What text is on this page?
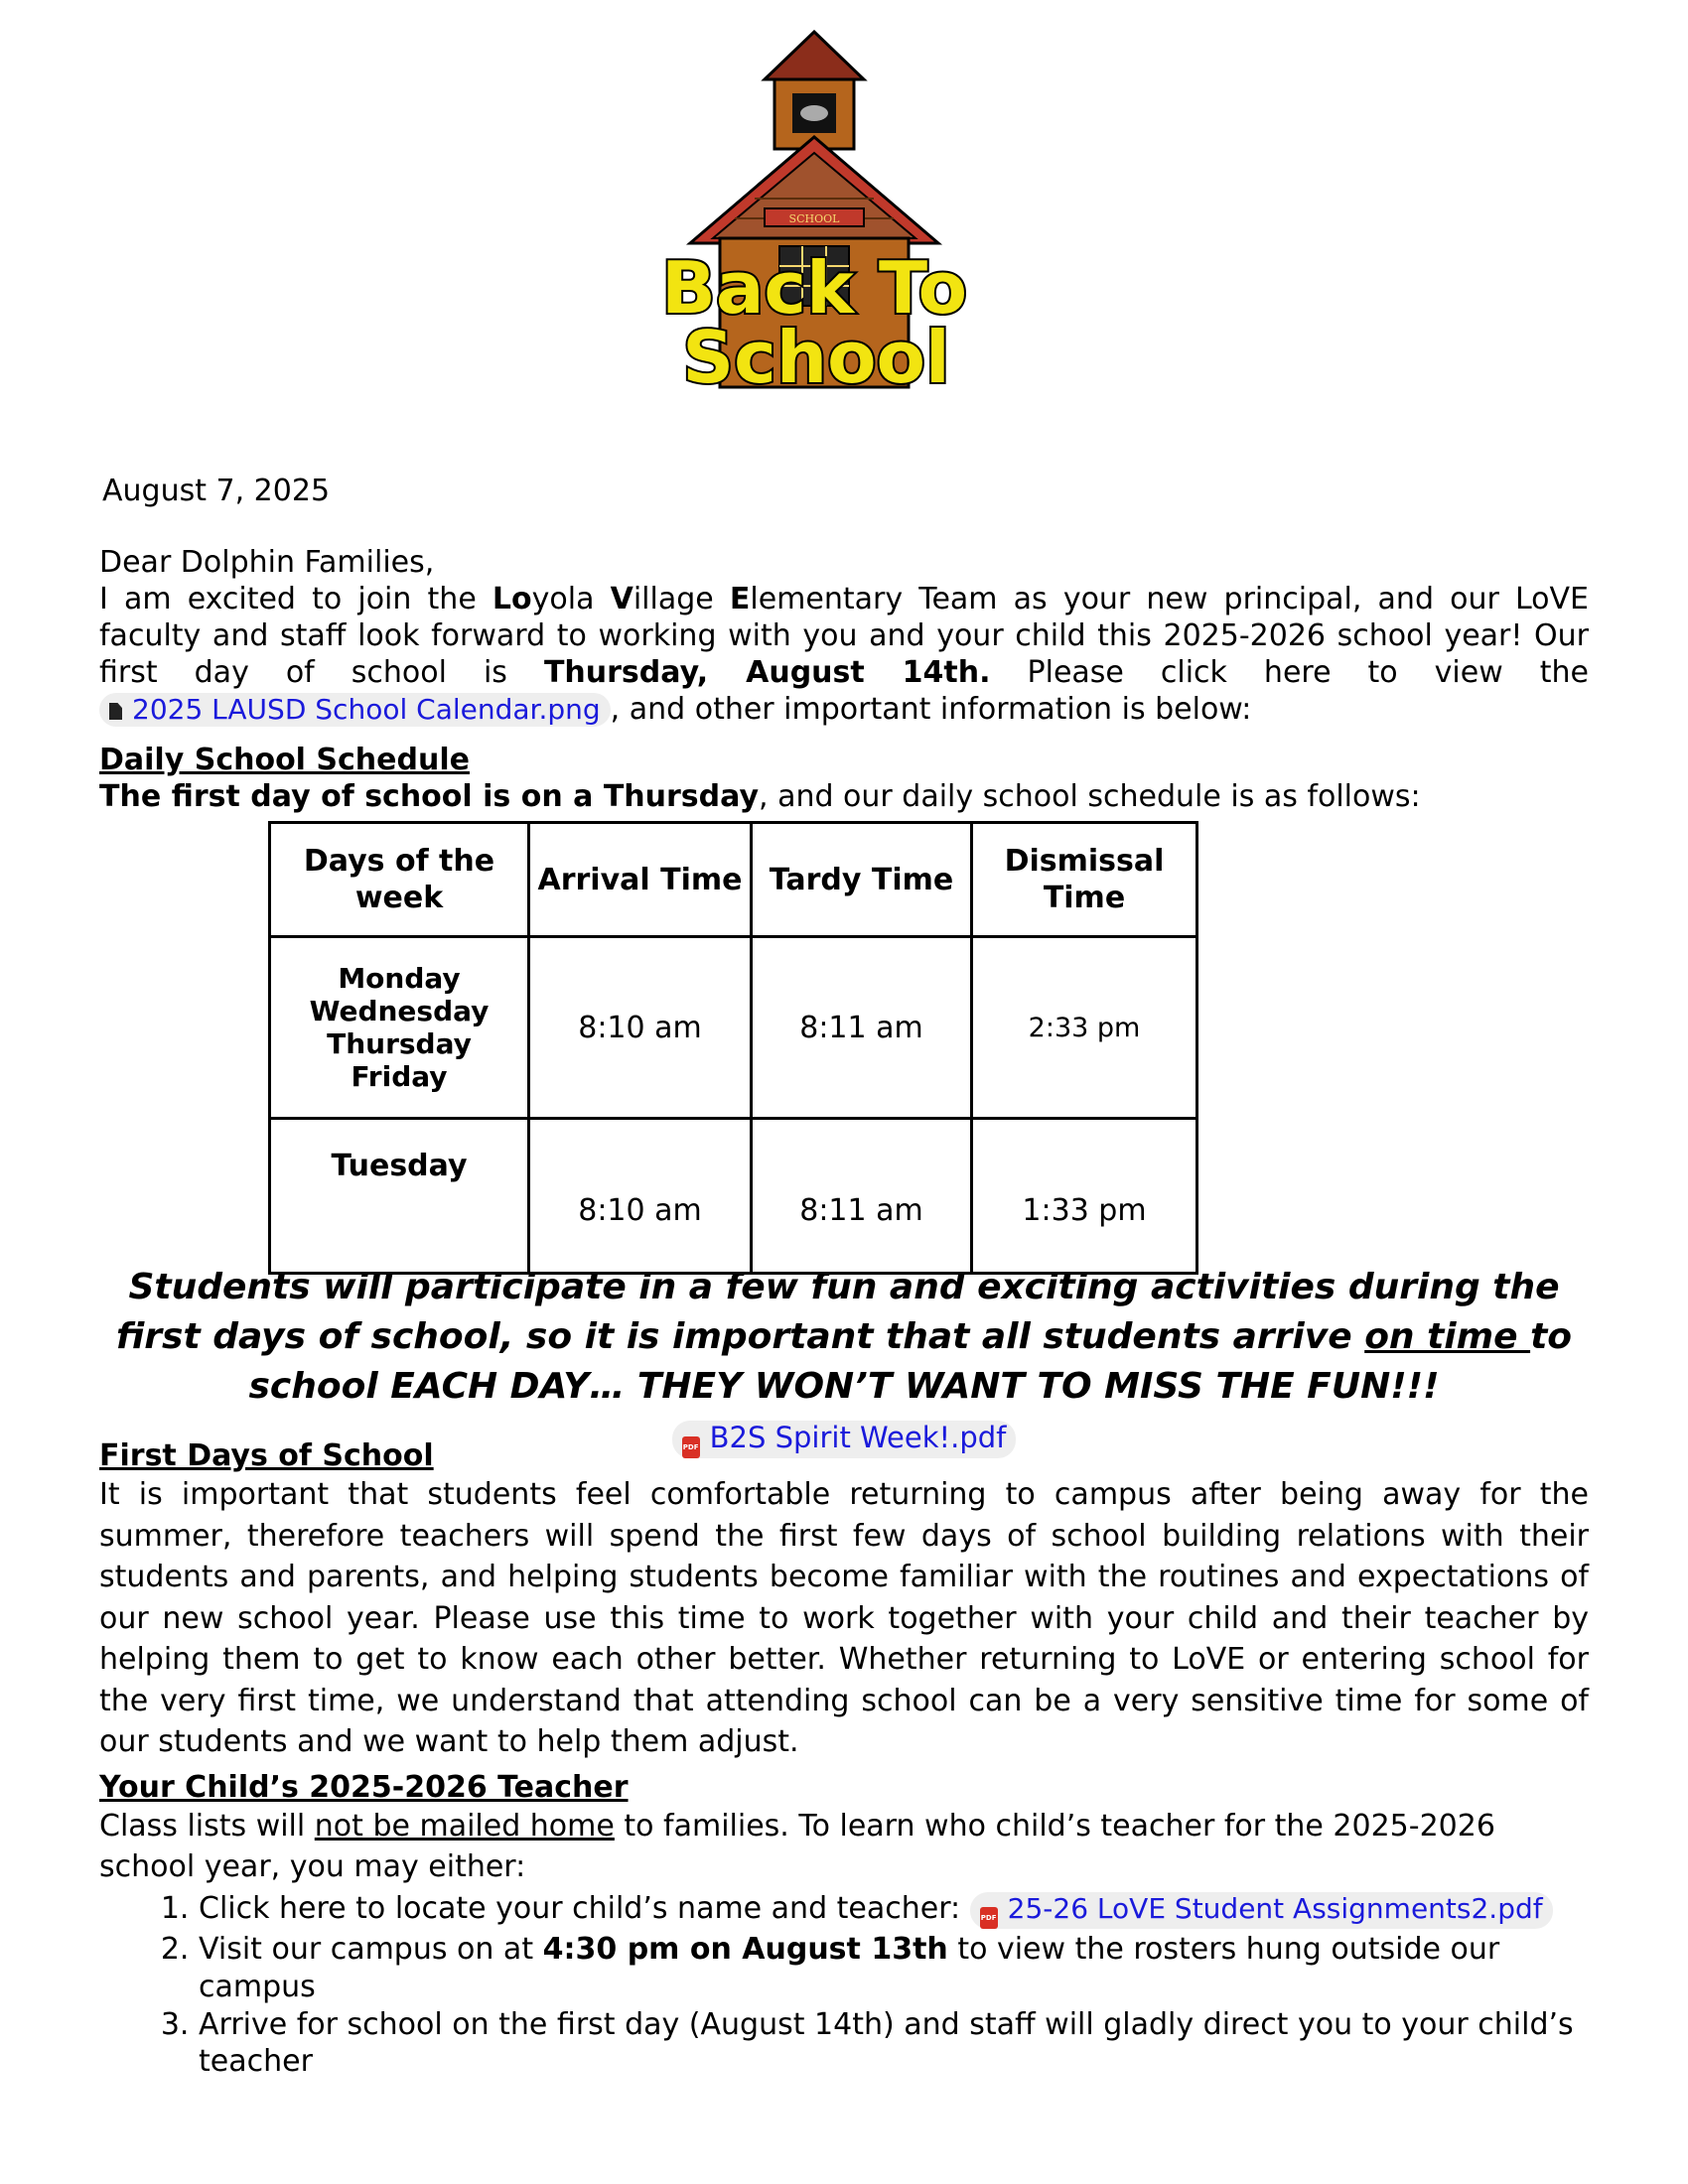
SCHOOL
Back To
School
August 7, 2025
Dear Dolphin Families,
I am excited to join the Loyola Village Elementary Team as your new principal, and our LoVE faculty and staff look forward to working with you and your child this 2025-2026 school year! Our first day of school is Thursday, August 14th. Please click here to view the 2025 LAUSD School Calendar.png , and other important information is below:
Daily School Schedule
The first day of school is on a Thursday, and our daily school schedule is as follows:
Days of the week	Arrival Time	Tardy Time	Dismissal Time

Monday
Wednesday
Thursday
Friday	8:10 am	8:11 am	2:33 pm

Tuesday	8:10 am	8:11 am	1:33 pm
Students will participate in a few fun and exciting activities during the first days of school, so it is important that all students arrive on time to school EACH DAY… THEY WON’T WANT TO MISS THE FUN!!! PDF B2S Spirit Week!.pdf
First Days of School

It is important that students feel comfortable returning to campus after being away for the summer, therefore teachers will spend the first few days of school building relations with their students and parents, and helping students become familiar with the routines and expectations of our new school year. Please use this time to work together with your child and their teacher by helping them to get to know each other better. Whether returning to LoVE or entering school for the very first time, we understand that attending school can be a very sensitive time for some of our students and we want to help them adjust.

Your Child’s 2025-2026 Teacher

Class lists will not be mailed home to families. To learn who child’s teacher for the 2025-2026 school year, you may either:

1. Click here to locate your child’s name and teacher: PDF 25-26 LoVE Student Assignments2.pdf
2. Visit our campus on at 4:30 pm on August 13th to view the rosters hung outside our campus
3. Arrive for school on the first day (August 14th) and staff will gladly direct you to your child’s teacher
